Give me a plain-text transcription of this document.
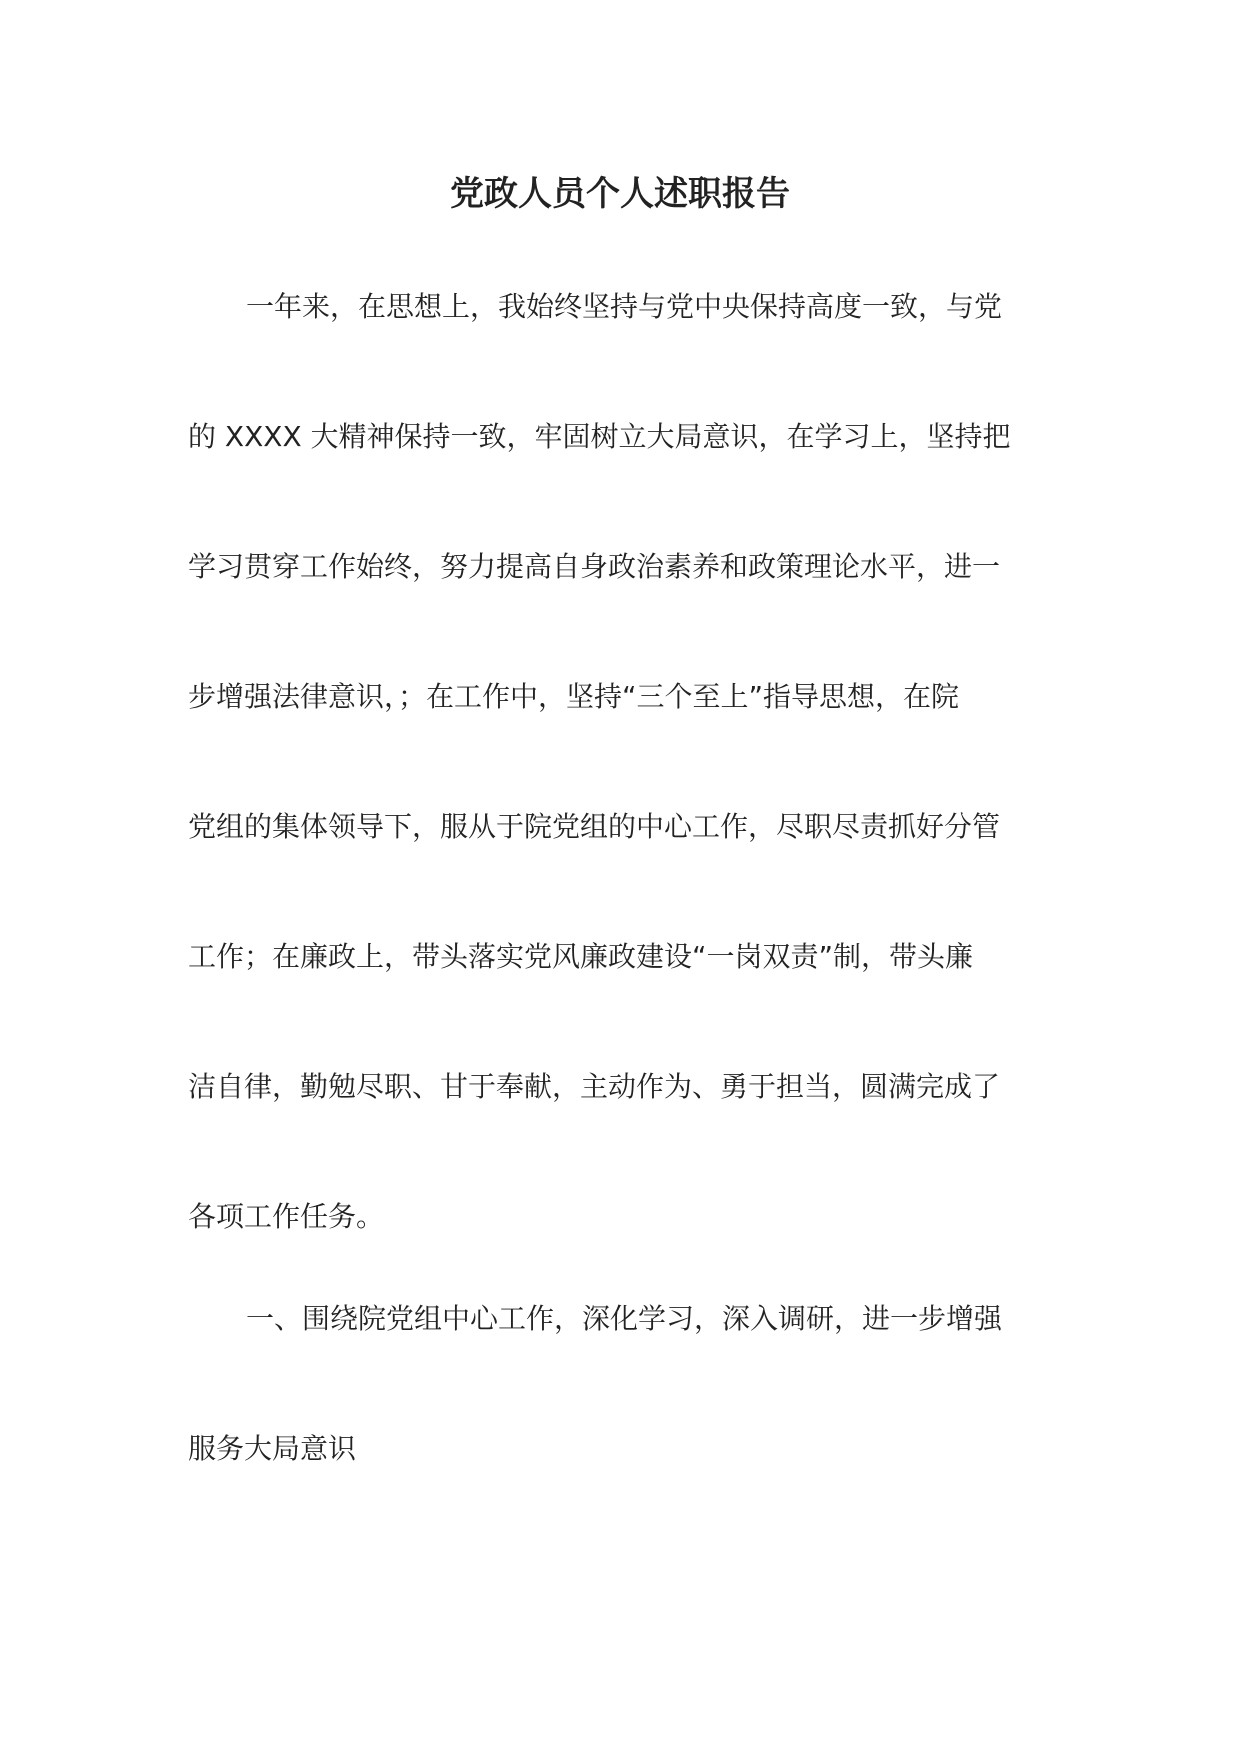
党政人员个人述职报告
一年来，在思想上，我始终坚持与党中央保持高度一致，与党
的 XXXX 大精神保持一致，牢固树立大局意识，在学习上，坚持把
学习贯穿工作始终，努力提高自身政治素养和政策理论水平，进一
步增强法律意识，；在工作中，坚持“三个至上”指导思想，在院
党组的集体领导下，服从于院党组的中心工作，尽职尽责抓好分管
工作；在廉政上，带头落实党风廉政建设“一岗双责”制，带头廉
洁自律，勤勉尽职、甘于奉献，主动作为、勇于担当，圆满完成了
各项工作任务。
一、围绕院党组中心工作，深化学习，深入调研，进一步增强
服务大局意识
